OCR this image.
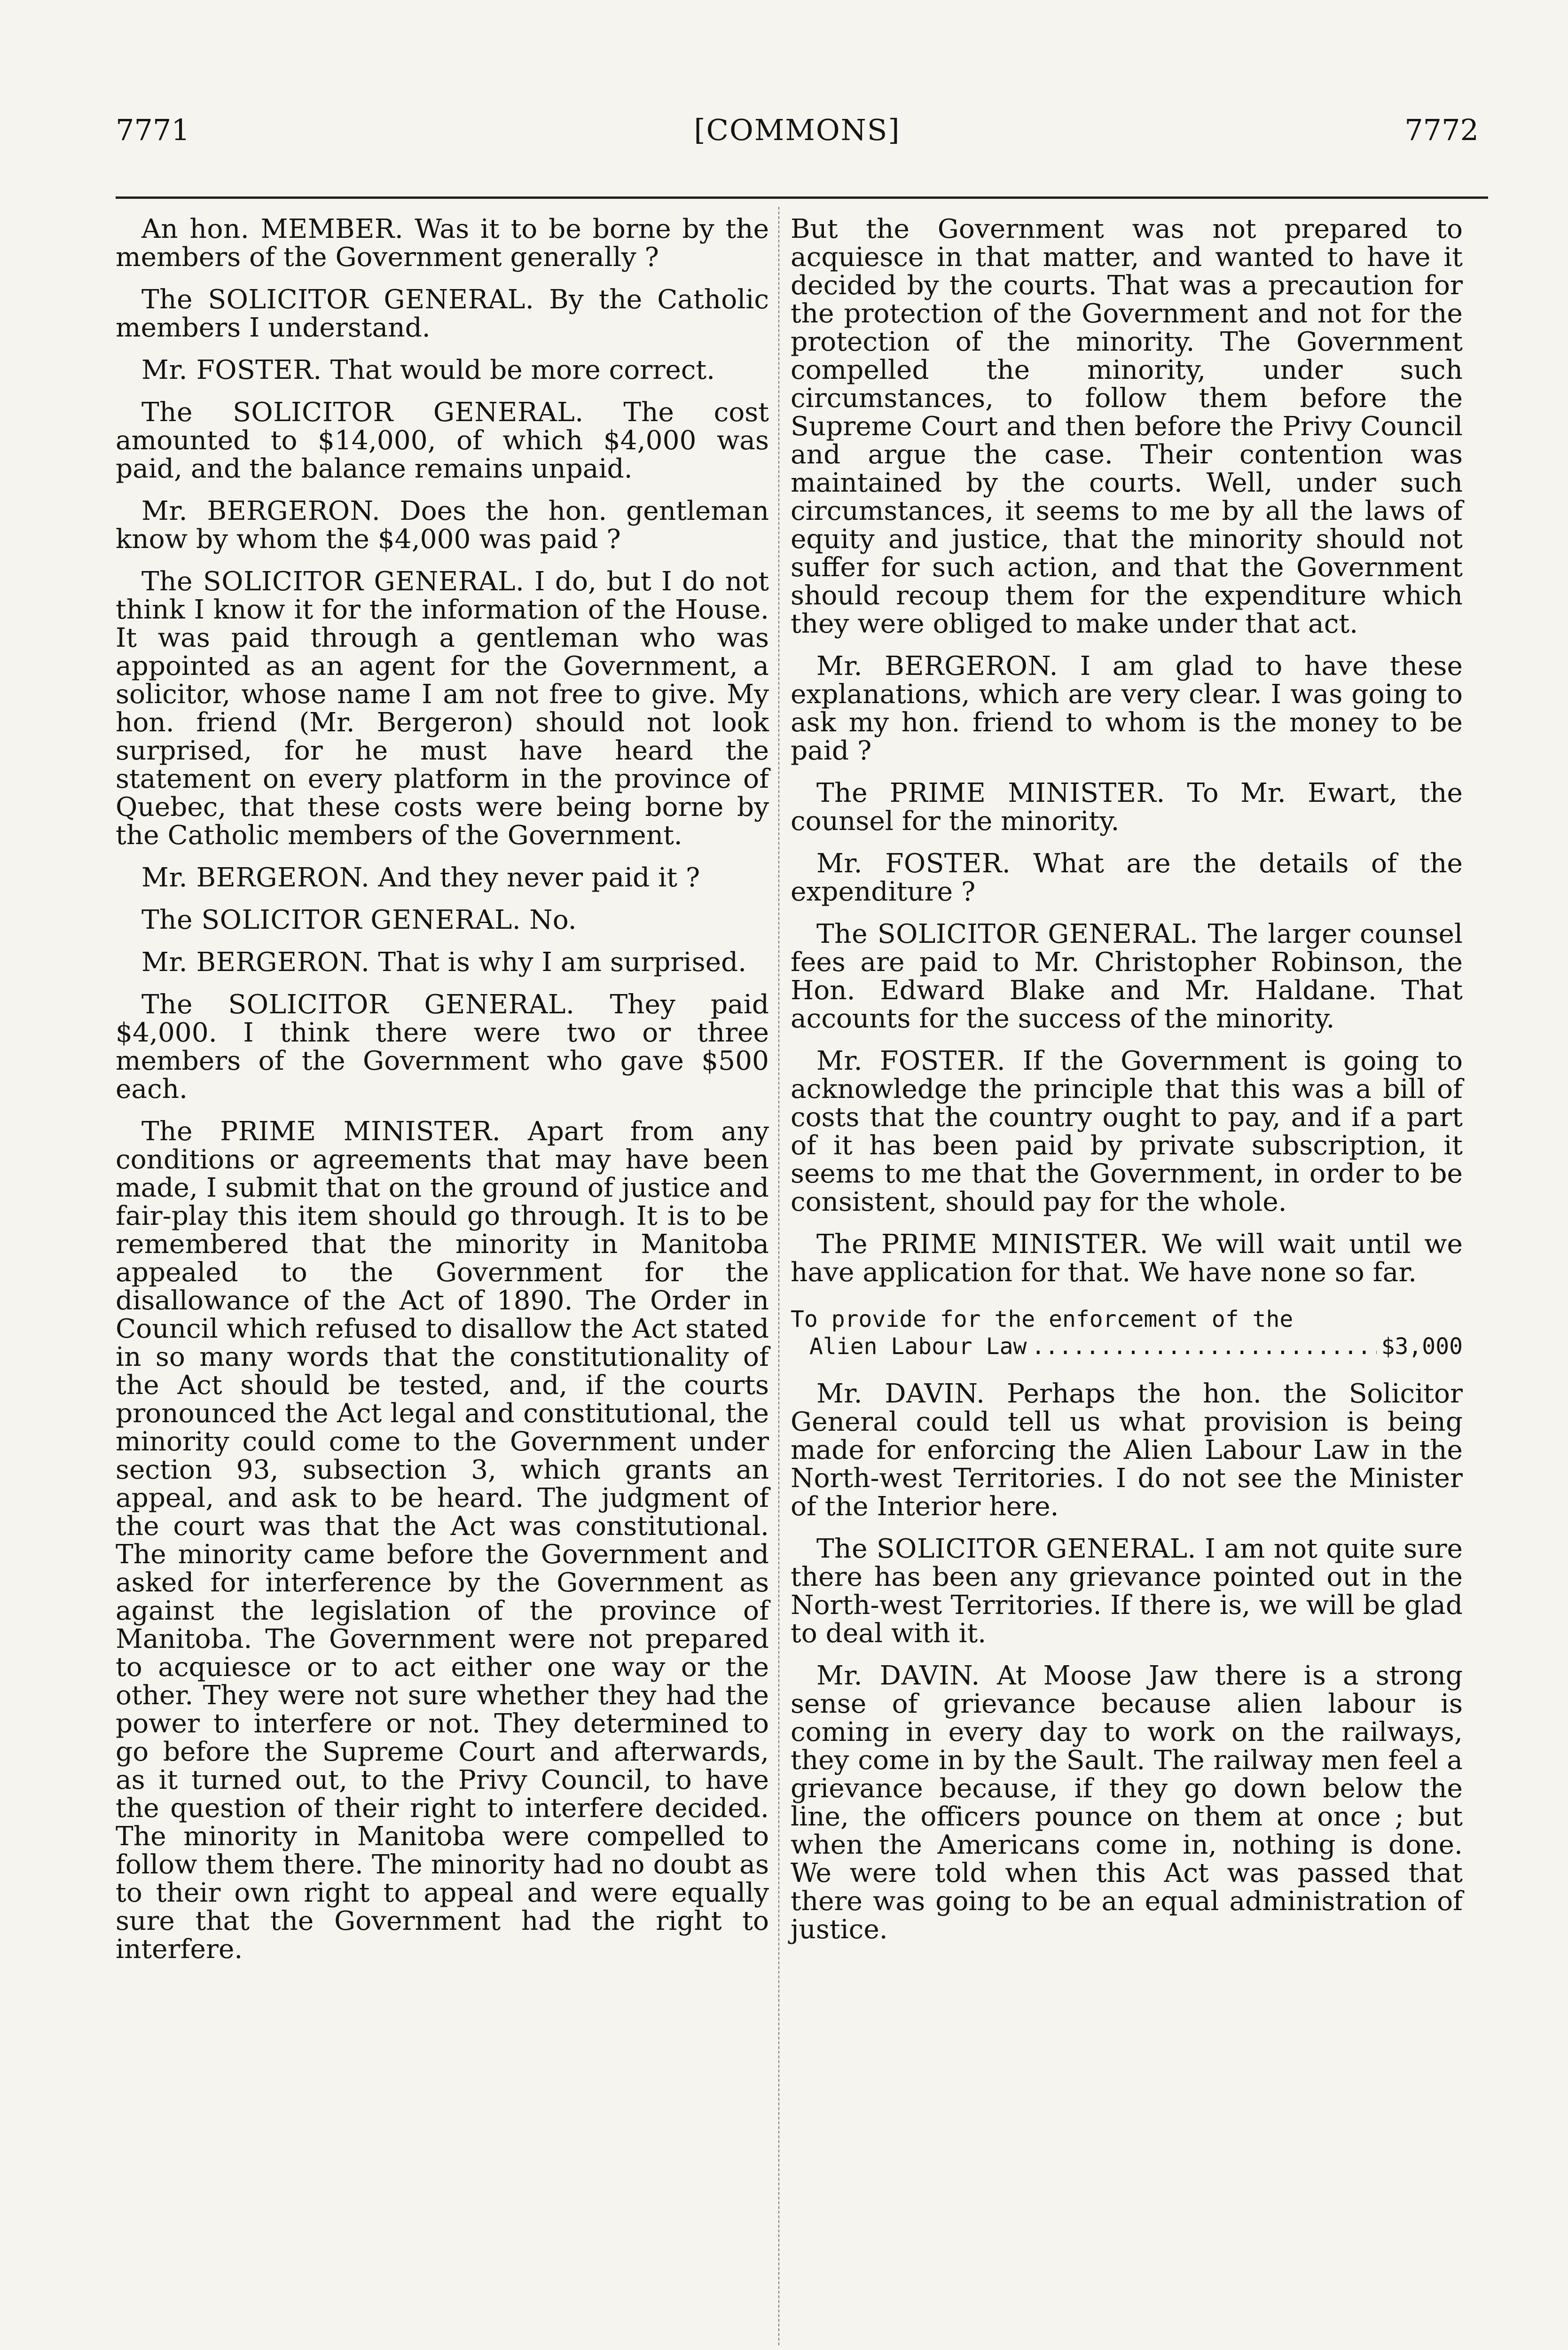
7771	[COMMONS]	7772

An hon. MEMBER. Was it to be borne by the members of the Government generally ?

The SOLICITOR GENERAL. By the Catholic members I understand.

Mr. FOSTER. That would be more correct.

The SOLICITOR GENERAL. The cost amounted to $14,000, of which $4,000 was paid, and the balance remains unpaid.

Mr. BERGERON. Does the hon. gentleman know by whom the $4,000 was paid ?

The SOLICITOR GENERAL. I do, but I do not think I know it for the information of the House. It was paid through a gentleman who was appointed as an agent for the Government, a solicitor, whose name I am not free to give. My hon. friend (Mr. Bergeron) should not look surprised, for he must have heard the statement on every platform in the province of Quebec, that these costs were being borne by the Catholic members of the Government.

Mr. BERGERON. And they never paid it ?

The SOLICITOR GENERAL. No.

Mr. BERGERON. That is why I am surprised.

The SOLICITOR GENERAL. They paid $4,000. I think there were two or three members of the Government who gave $500 each.

The PRIME MINISTER. Apart from any conditions or agreements that may have been made, I submit that on the ground of justice and fair-play this item should go through. It is to be remembered that the minority in Manitoba appealed to the Government for the disallowance of the Act of 1890. The Order in Council which refused to disallow the Act stated in so many words that the constitutionality of the Act should be tested, and, if the courts pronounced the Act legal and constitutional, the minority could come to the Government under section 93, subsection 3, which grants an appeal, and ask to be heard. The judgment of the court was that the Act was constitutional. The minority came before the Government and asked for interference by the Government as against the legislation of the province of Manitoba. The Government were not prepared to acquiesce or to act either one way or the other. They were not sure whether they had the power to interfere or not. They determined to go before the Supreme Court and afterwards, as it turned out, to the Privy Council, to have the question of their right to interfere decided. The minority in Manitoba were compelled to follow them there. The minority had no doubt as to their own right to appeal and were equally sure that the Government had the right to interfere.

But the Government was not prepared to acquiesce in that matter, and wanted to have it decided by the courts. That was a precaution for the protection of the Government and not for the protection of the minority. The Government compelled the minority, under such circumstances, to follow them before the Supreme Court and then before the Privy Council and argue the case. Their contention was maintained by the courts. Well, under such circumstances, it seems to me by all the laws of equity and justice, that the minority should not suffer for such action, and that the Government should recoup them for the expenditure which they were obliged to make under that act.

Mr. BERGERON. I am glad to have these explanations, which are very clear. I was going to ask my hon. friend to whom is the money to be paid ?

The PRIME MINISTER. To Mr. Ewart, the counsel for the minority.

Mr. FOSTER. What are the details of the expenditure ?

The SOLICITOR GENERAL. The larger counsel fees are paid to Mr. Christopher Robinson, the Hon. Edward Blake and Mr. Haldane. That accounts for the success of the minority.

Mr. FOSTER. If the Government is going to acknowledge the principle that this was a bill of costs that the country ought to pay, and if a part of it has been paid by private subscription, it seems to me that the Government, in order to be consistent, should pay for the whole.

The PRIME MINISTER. We will wait until we have application for that. We have none so far.

To provide for the enforcement of the
Alien Labour Law
.....	$3,000

Mr. DAVIN. Perhaps the hon. the Solicitor General could tell us what provision is being made for enforcing the Alien Labour Law in the North-west Territories. I do not see the Minister of the Interior here.

The SOLICITOR GENERAL. I am not quite sure there has been any grievance pointed out in the North-west Territories. If there is, we will be glad to deal with it.

Mr. DAVIN. At Moose Jaw there is a strong sense of grievance because alien labour is coming in every day to work on the railways, they come in by the Sault. The railway men feel a grievance because, if they go down below the line, the officers pounce on them at once ; but when the Americans come in, nothing is done. We were told when this Act was passed that there was going to be an equal administration of justice.
